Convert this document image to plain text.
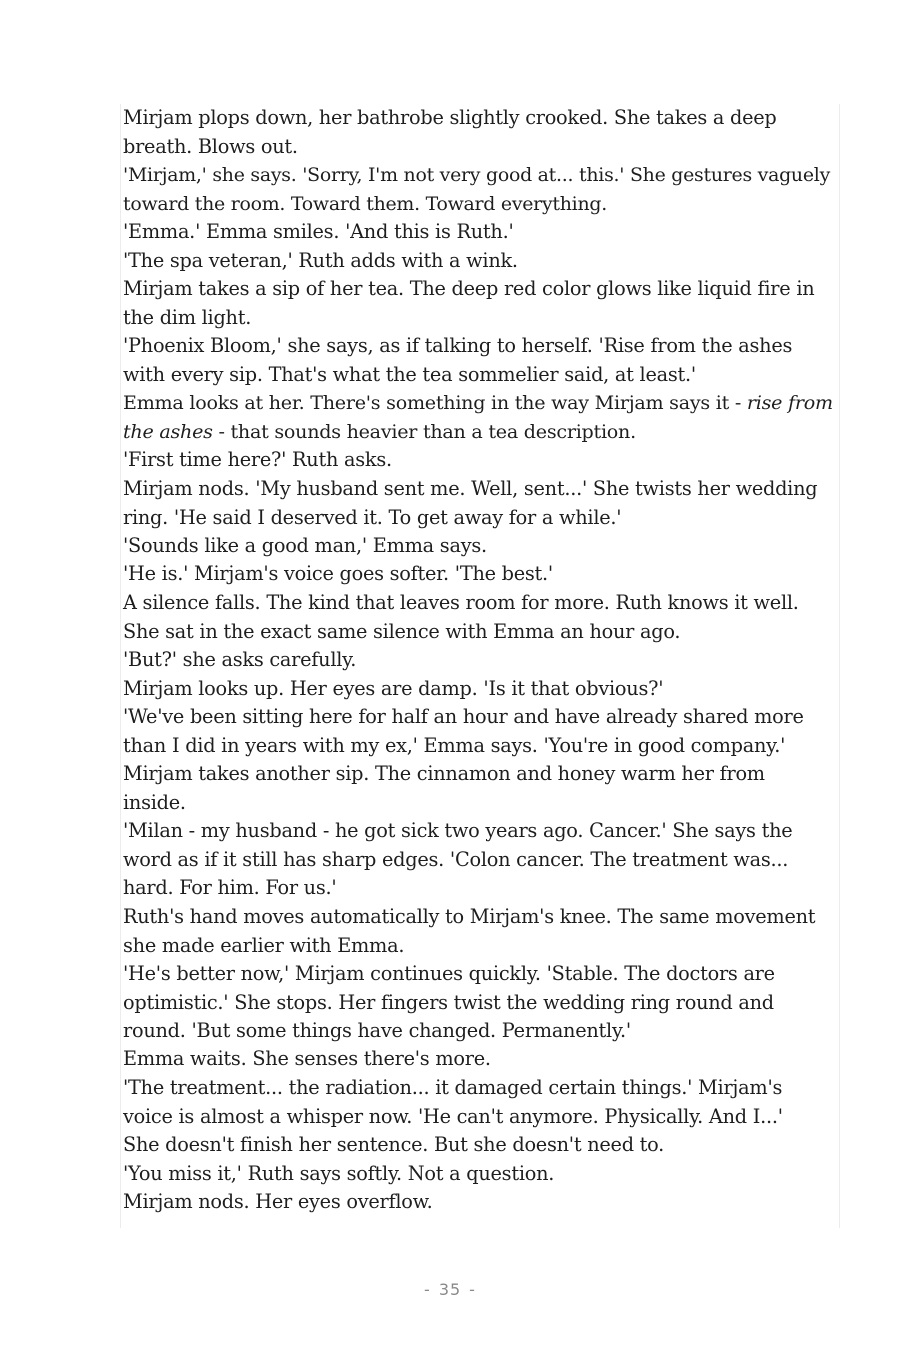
Mirjam plops down, her bathrobe slightly crooked. She takes a deep
breath. Blows out.

'Mirjam,' she says. 'Sorry, I'm not very good at... this.' She gestures vaguely
toward the room. Toward them. Toward everything.

'Emma.' Emma smiles. 'And this is Ruth.'

'The spa veteran,' Ruth adds with a wink.

Mirjam takes a sip of her tea. The deep red color glows like liquid fire in
the dim light.

'Phoenix Bloom,' she says, as if talking to herself. 'Rise from the ashes
with every sip. That's what the tea sommelier said, at least.'

Emma looks at her. There's something in the way Mirjam says it - rise from
the ashes - that sounds heavier than a tea description.

'First time here?' Ruth asks.

Mirjam nods. 'My husband sent me. Well, sent...' She twists her wedding
ring. 'He said I deserved it. To get away for a while.'

'Sounds like a good man,' Emma says.

'He is.' Mirjam's voice goes softer. 'The best.'

A silence falls. The kind that leaves room for more. Ruth knows it well.
She sat in the exact same silence with Emma an hour ago.

'But?' she asks carefully.

Mirjam looks up. Her eyes are damp. 'Is it that obvious?'

'We've been sitting here for half an hour and have already shared more
than I did in years with my ex,' Emma says. 'You're in good company.'

Mirjam takes another sip. The cinnamon and honey warm her from
inside.

'Milan - my husband - he got sick two years ago. Cancer.' She says the
word as if it still has sharp edges. 'Colon cancer. The treatment was...
hard. For him. For us.'

Ruth's hand moves automatically to Mirjam's knee. The same movement
she made earlier with Emma.

'He's better now,' Mirjam continues quickly. 'Stable. The doctors are
optimistic.' She stops. Her fingers twist the wedding ring round and
round. 'But some things have changed. Permanently.'

Emma waits. She senses there's more.

'The treatment... the radiation... it damaged certain things.' Mirjam's
voice is almost a whisper now. 'He can't anymore. Physically. And I...'
She doesn't finish her sentence. But she doesn't need to.

'You miss it,' Ruth says softly. Not a question.

Mirjam nods. Her eyes overflow.

- 35 -
